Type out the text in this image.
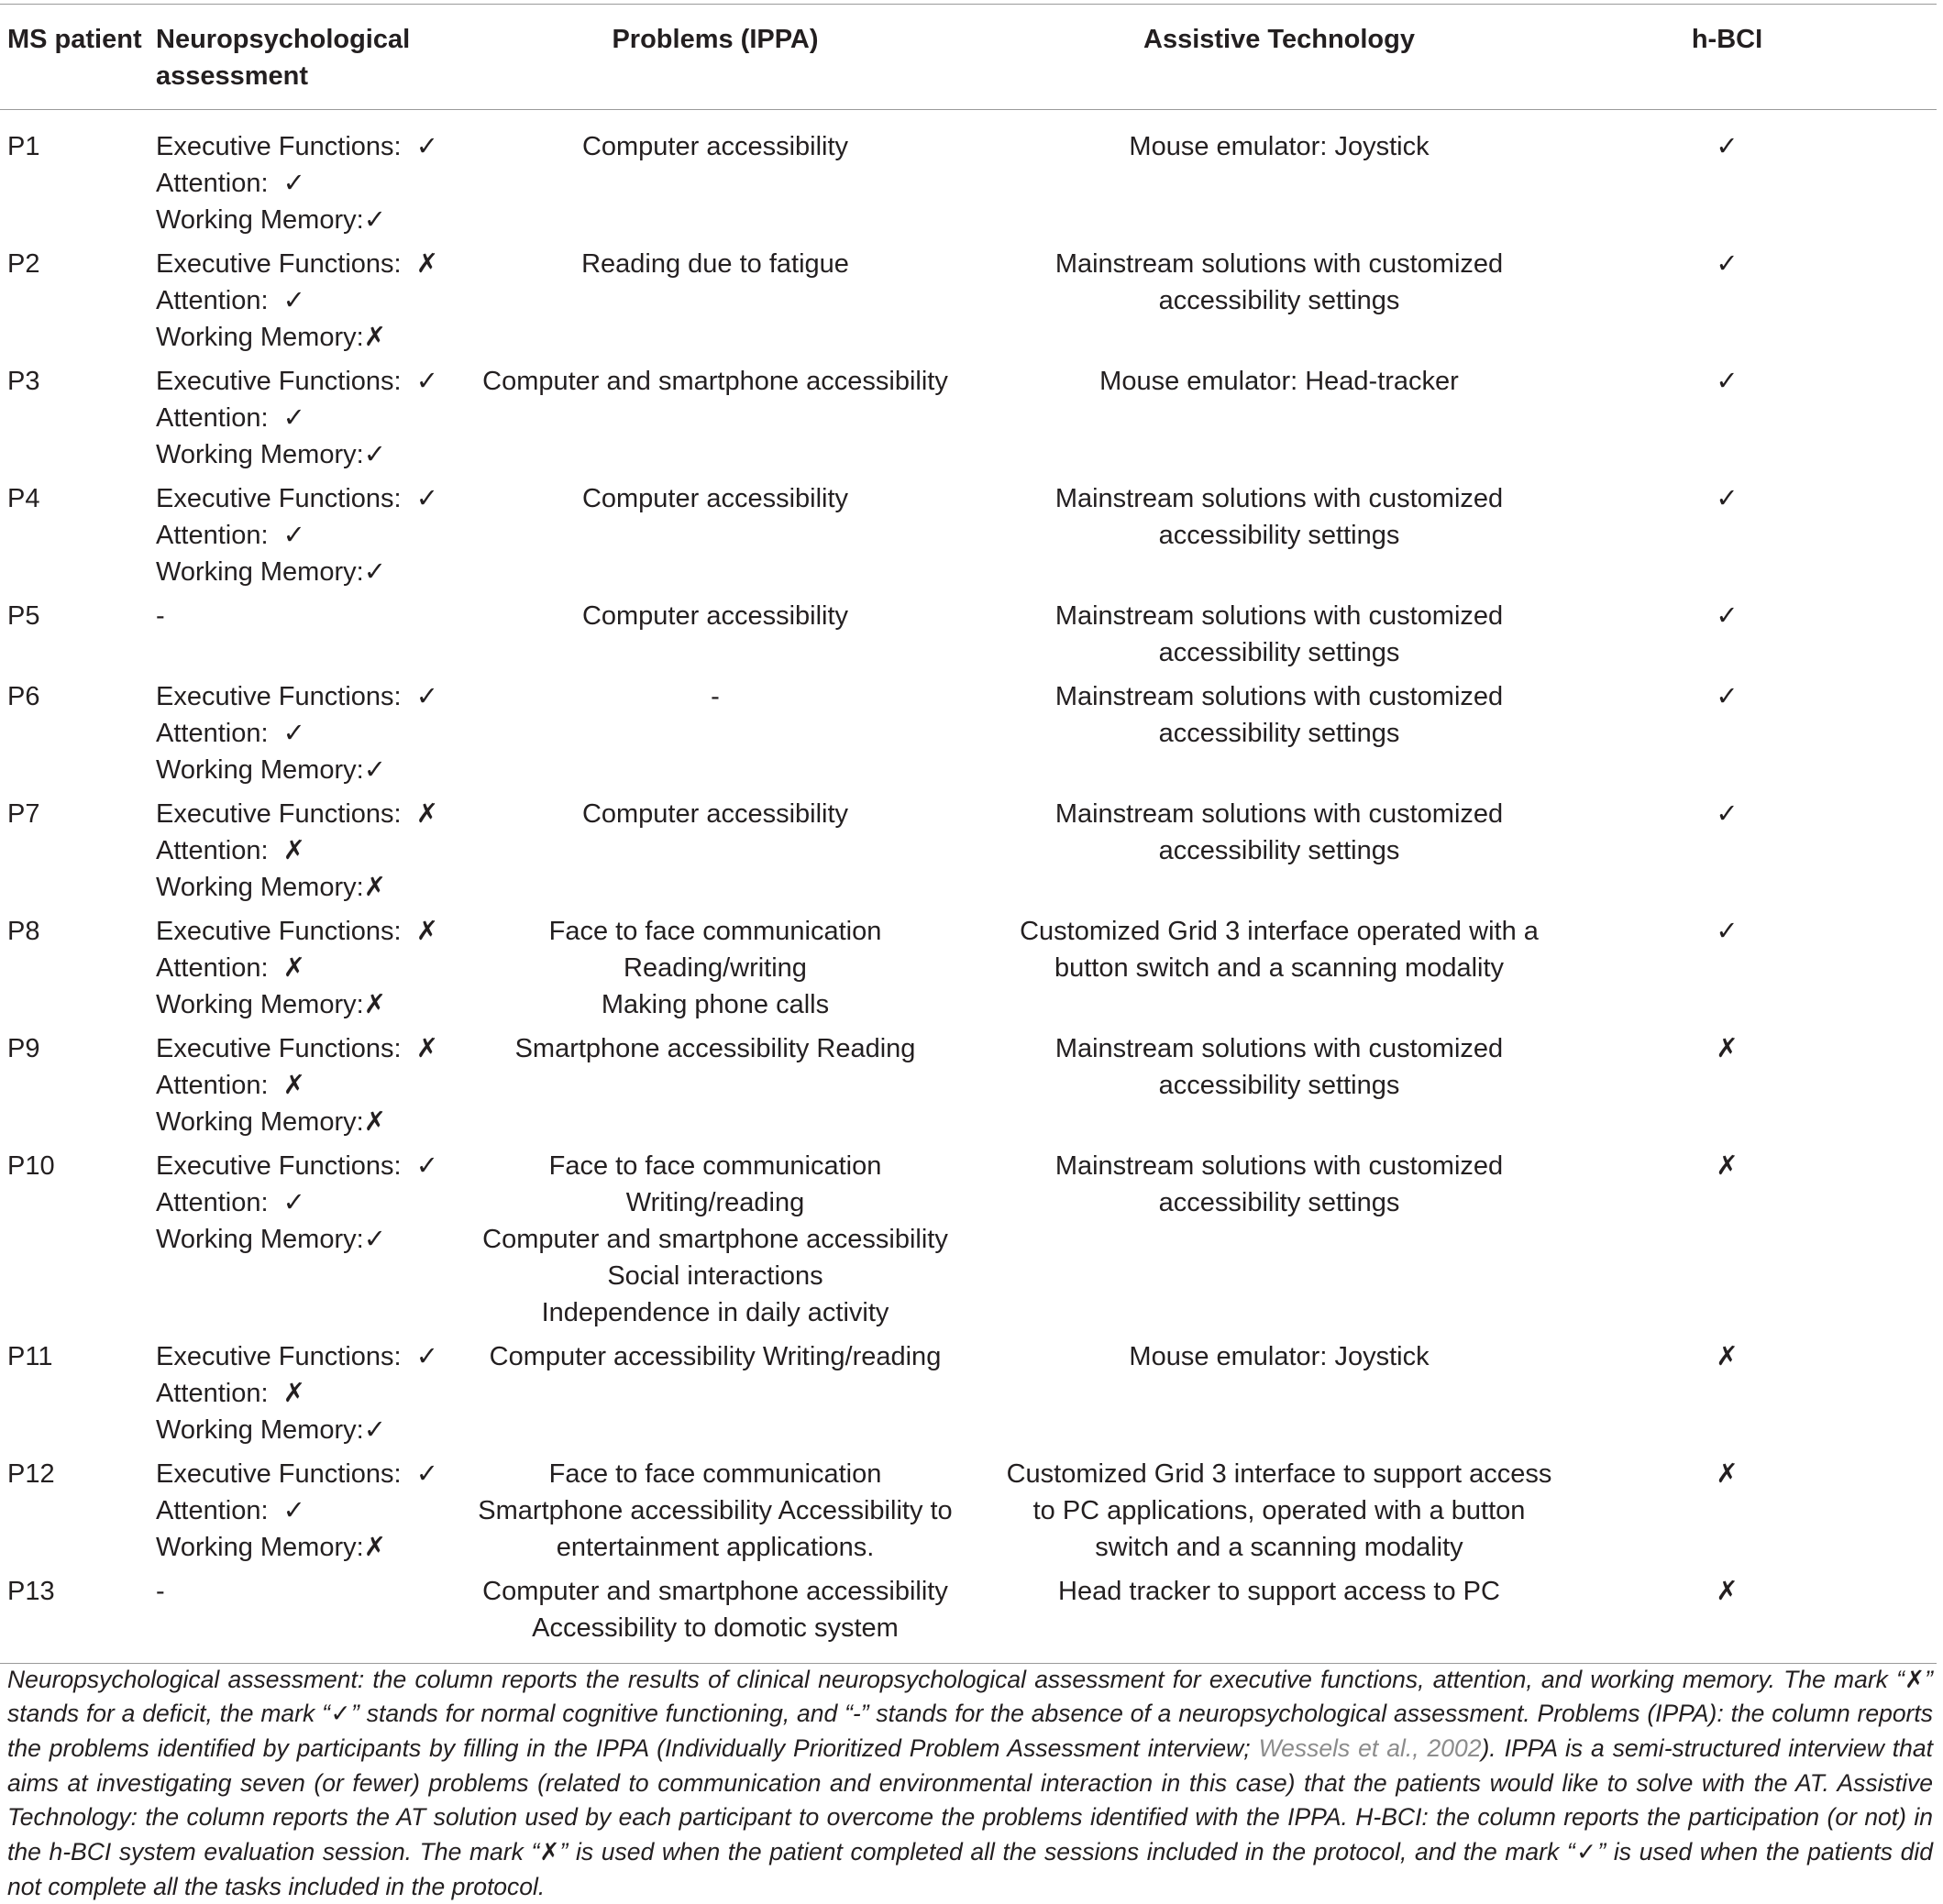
MS patient	Neuropsychological
assessment	Problems (IPPA)	Assistive Technology	h-BCI
P1	Executive Functions: ✓
Attention: ✓
Working Memory:✓	Computer accessibility	Mouse emulator: Joystick	✓
P2	Executive Functions: ✗
Attention: ✓
Working Memory:✗	Reading due to fatigue	Mainstream solutions with customized
accessibility settings	✓
P3	Executive Functions: ✓
Attention: ✓
Working Memory:✓	Computer and smartphone accessibility	Mouse emulator: Head-tracker	✓
P4	Executive Functions: ✓
Attention: ✓
Working Memory:✓	Computer accessibility	Mainstream solutions with customized
accessibility settings	✓
P5	-	Computer accessibility	Mainstream solutions with customized
accessibility settings	✓
P6	Executive Functions: ✓
Attention: ✓
Working Memory:✓	-	Mainstream solutions with customized
accessibility settings	✓
P7	Executive Functions: ✗
Attention: ✗
Working Memory:✗	Computer accessibility	Mainstream solutions with customized
accessibility settings	✓
P8	Executive Functions: ✗
Attention: ✗
Working Memory:✗	Face to face communication
Reading/writing
Making phone calls	Customized Grid 3 interface operated with a
button switch and a scanning modality	✓
P9	Executive Functions: ✗
Attention: ✗
Working Memory:✗	Smartphone accessibility Reading	Mainstream solutions with customized
accessibility settings	✗
P10	Executive Functions: ✓
Attention: ✓
Working Memory:✓	Face to face communication
Writing/reading
Computer and smartphone accessibility
Social interactions
Independence in daily activity	Mainstream solutions with customized
accessibility settings	✗
P11	Executive Functions: ✓
Attention: ✗
Working Memory:✓	Computer accessibility Writing/reading	Mouse emulator: Joystick	✗
P12	Executive Functions: ✓
Attention: ✓
Working Memory:✗	Face to face communication
Smartphone accessibility Accessibility to
entertainment applications.	Customized Grid 3 interface to support access
to PC applications, operated with a button
switch and a scanning modality	✗
P13	-	Computer and smartphone accessibility
Accessibility to domotic system	Head tracker to support access to PC	✗

Neuropsychological assessment: the column reports the results of clinical neuropsychological assessment for executive functions, attention, and working memory. The mark “✗” stands for a deficit, the mark “✓” stands for normal cognitive functioning, and “-” stands for the absence of a neuropsychological assessment. Problems (IPPA): the column reports the problems identified by participants by filling in the IPPA (Individually Prioritized Problem Assessment interview; Wessels et al., 2002). IPPA is a semi-structured interview that aims at investigating seven (or fewer) problems (related to communication and environmental interaction in this case) that the patients would like to solve with the AT. Assistive Technology: the column reports the AT solution used by each participant to overcome the problems identified with the IPPA. H-BCI: the column reports the participation (or not) in the h-BCI system evaluation session. The mark “✗” is used when the patient completed all the sessions included in the protocol, and the mark “✓” is used when the patients did not complete all the tasks included in the protocol.
